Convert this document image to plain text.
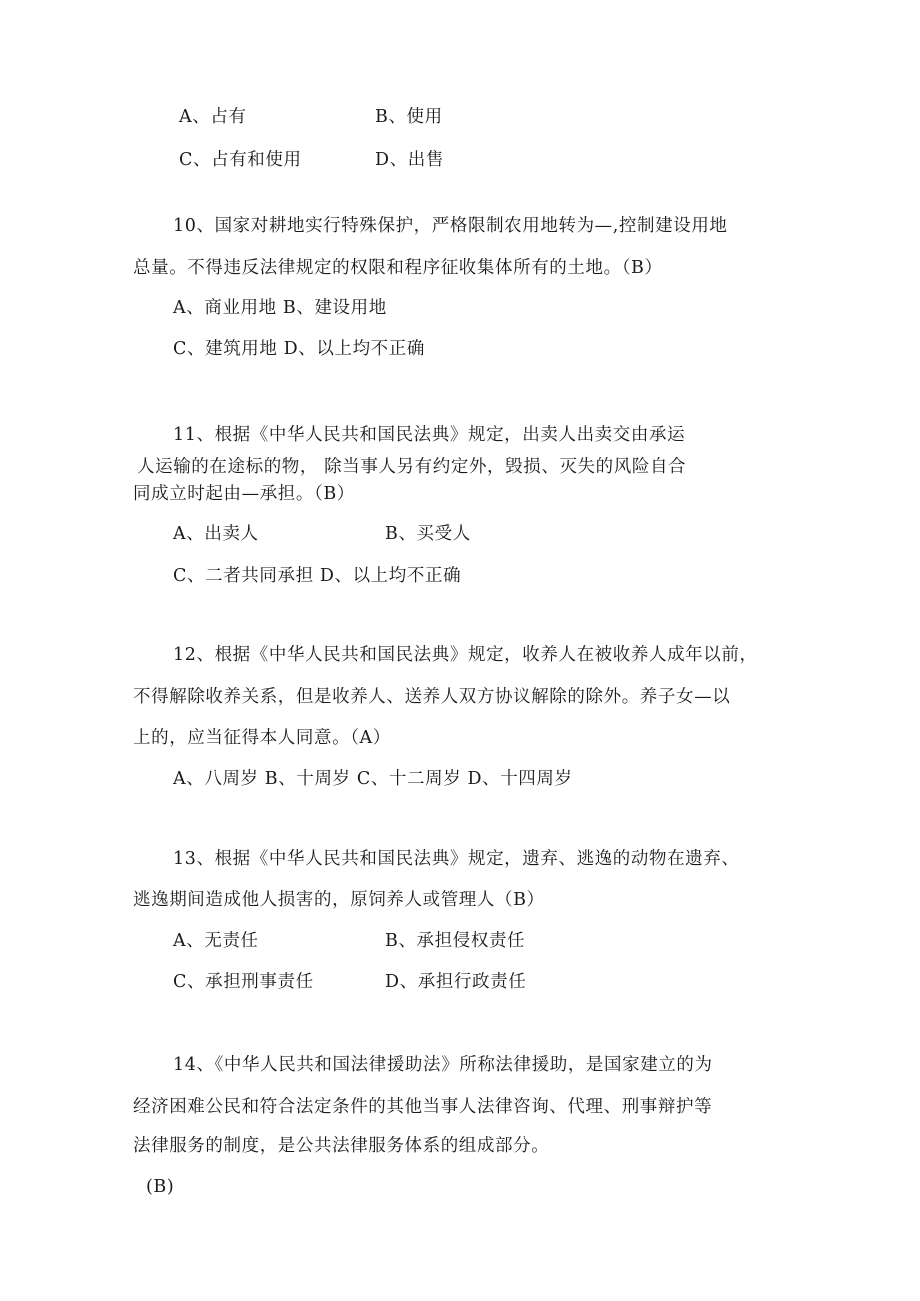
A、占有	B、使用
C、占有和使用	D、出售
10、国家对耕地实行特殊保护，严格限制农用地转为—,控制建设用地
总量。不得违反法律规定的权限和程序征收集体所有的土地。（B）
A、商业用地 B、建设用地
C、建筑用地 D、以上均不正确
11、根据《中华人民共和国民法典》规定，出卖人出卖交由承运
人运输的在途标的物， 除当事人另有约定外，毁损、灭失的风险自合
同成立时起由—承担。（B）
A、出卖人	B、买受人
C、二者共同承担 D、以上均不正确
12、根据《中华人民共和国民法典》规定，收养人在被收养人成年以前，
不得解除收养关系，但是收养人、送养人双方协议解除的除外。养子女—以
上的，应当征得本人同意。（A）
A、八周岁 B、十周岁 C、十二周岁 D、十四周岁
13、根据《中华人民共和国民法典》规定，遗弃、逃逸的动物在遗弃、
逃逸期间造成他人损害的，原饲养人或管理人（B）
A、无责任	B、承担侵权责任
C、承担刑事责任	D、承担行政责任
14、《中华人民共和国法律援助法》所称法律援助，是国家建立的为
经济困难公民和符合法定条件的其他当事人法律咨询、代理、刑事辩护等
法律服务的制度，是公共法律服务体系的组成部分。
(B)
